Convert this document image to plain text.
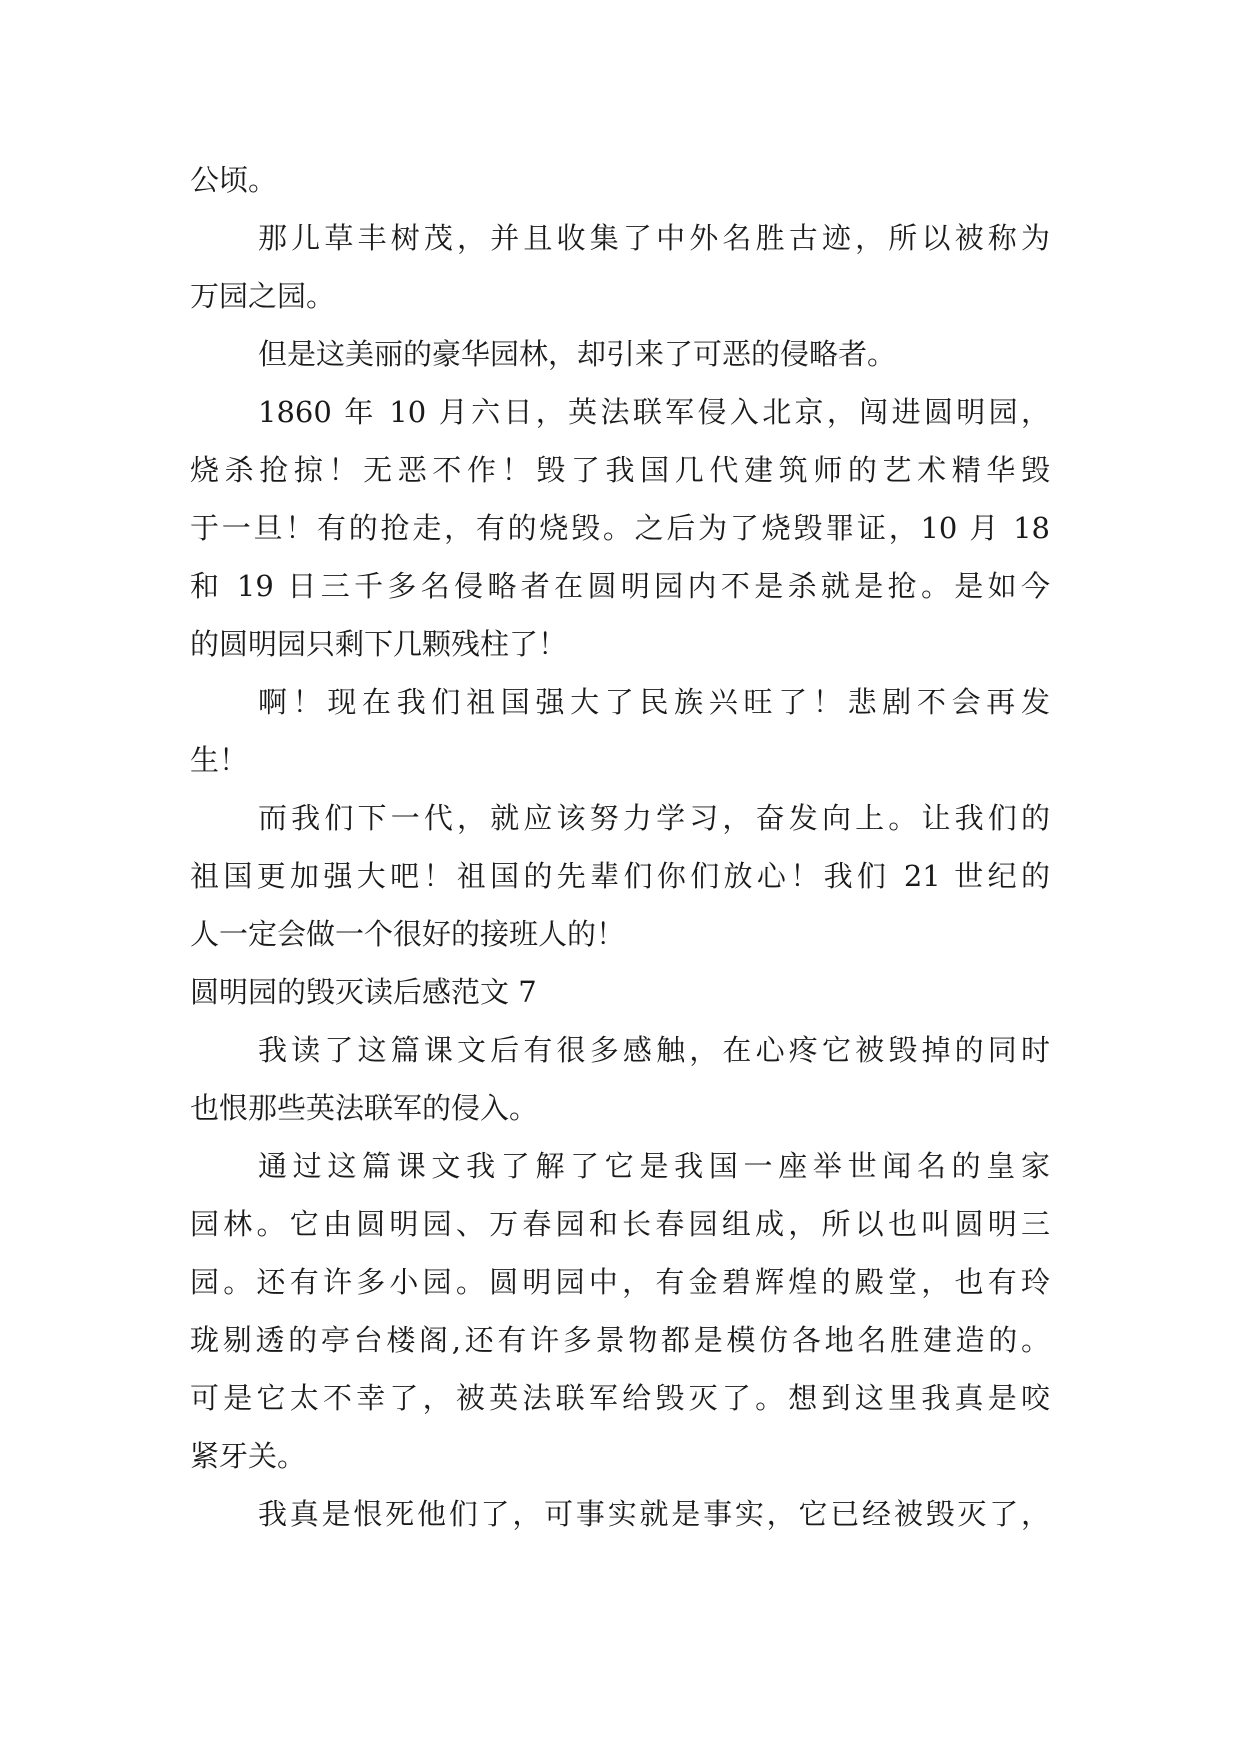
公顷。
那儿草丰树茂，并且收集了中外名胜古迹，所以被称为
万园之园。
但是这美丽的豪华园林，却引来了可恶的侵略者。
1860 年 10 月六日，英法联军侵入北京，闯进圆明园，
烧杀抢掠！无恶不作！毁了我国几代建筑师的艺术精华毁
于一旦！有的抢走，有的烧毁。之后为了烧毁罪证，10 月 18
和 19 日三千多名侵略者在圆明园内不是杀就是抢。是如今
的圆明园只剩下几颗残柱了！
啊！现在我们祖国强大了民族兴旺了！悲剧不会再发
生！
而我们下一代，就应该努力学习，奋发向上。让我们的
祖国更加强大吧！祖国的先辈们你们放心！我们 21 世纪的
人一定会做一个很好的接班人的！
圆明园的毁灭读后感范文 7
我读了这篇课文后有很多感触，在心疼它被毁掉的同时
也恨那些英法联军的侵入。
通过这篇课文我了解了它是我国一座举世闻名的皇家
园林。它由圆明园、万春园和长春园组成，所以也叫圆明三
园。还有许多小园。圆明园中，有金碧辉煌的殿堂，也有玲
珑剔透的亭台楼阁,还有许多景物都是模仿各地名胜建造的。
可是它太不幸了，被英法联军给毁灭了。想到这里我真是咬
紧牙关。
我真是恨死他们了，可事实就是事实，它已经被毁灭了，
